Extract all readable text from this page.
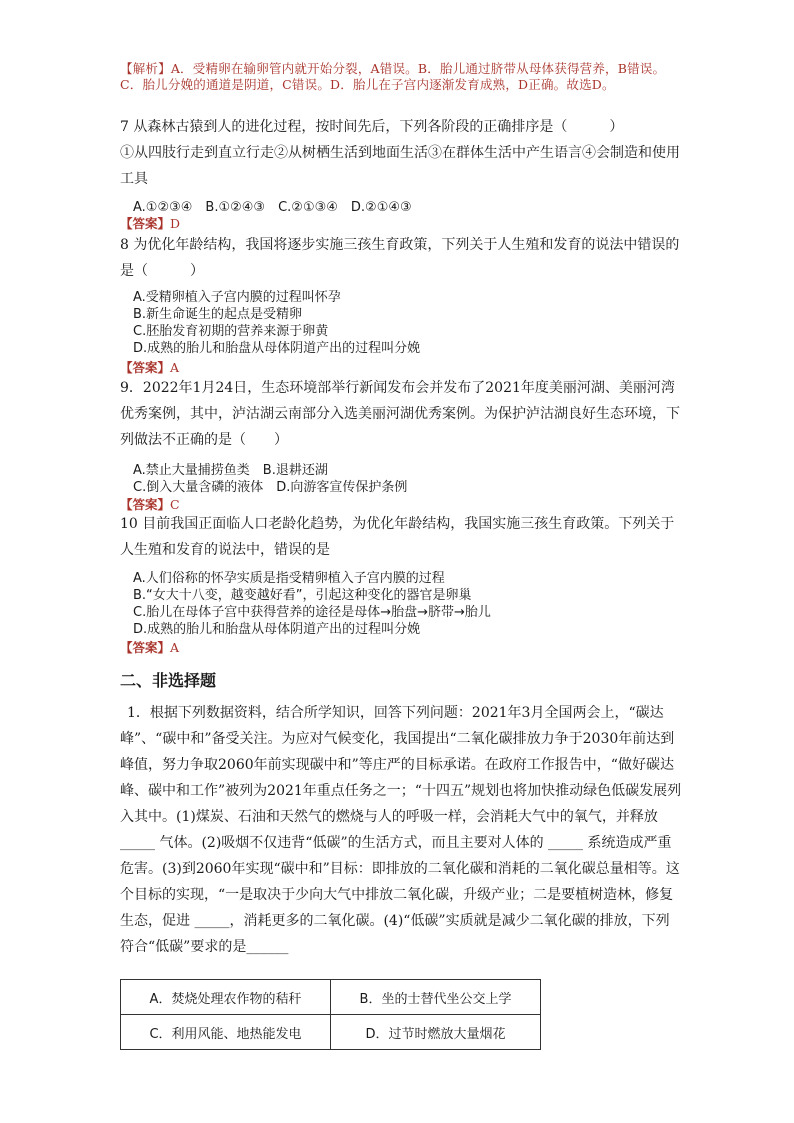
【解析】A．受精卵在输卵管内就开始分裂，A错误。B．胎儿通过脐带从母体获得营养，B错误。C．胎儿分娩的通道是阴道，C错误。D．胎儿在子宫内逐渐发育成熟，D正确。故选D。

7 从森林古猿到人的进化过程，按时间先后，下列各阶段的正确排序是（　　　）

①从四肢行走到直立行走②从树栖生活到地面生活③在群体生活中产生语言④会制造和使用工具

A.①②③④　B.①②④③　C.②①③④　D.②①④③

【答案】D

8 为优化年龄结构，我国将逐步实施三孩生育政策，下列关于人生殖和发育的说法中错误的是（　　　）

A.受精卵植入子宫内膜的过程叫怀孕
B.新生命诞生的起点是受精卵
C.胚胎发育初期的营养来源于卵黄
D.成熟的胎儿和胎盘从母体阴道产出的过程叫分娩

【答案】A

9．2022年1月24日，生态环境部举行新闻发布会并发布了2021年度美丽河湖、美丽河湾优秀案例，其中，泸沽湖云南部分入选美丽河湖优秀案例。为保护泸沽湖良好生态环境，下列做法不正确的是（　　）

A.禁止大量捕捞鱼类　B.退耕还湖
C.倒入大量含磷的液体　D.向游客宣传保护条例

【答案】C

10 目前我国正面临人口老龄化趋势，为优化年龄结构，我国实施三孩生育政策。下列关于人生殖和发育的说法中，错误的是

A.人们俗称的怀孕实质是指受精卵植入子宫内膜的过程
B.“女大十八变，越变越好看”，引起这种变化的器官是卵巢
C.胎儿在母体子宫中获得营养的途径是母体→胎盘→脐带→胎儿
D.成熟的胎儿和胎盘从母体阴道产出的过程叫分娩

【答案】A

二、非选择题

1．根据下列数据资料，结合所学知识，回答下列问题：2021年3月全国两会上，“碳达峰”、“碳中和”备受关注。为应对气候变化，我国提出“二氧化碳排放力争于2030年前达到峰值，努力争取2060年前实现碳中和”等庄严的目标承诺。在政府工作报告中，“做好碳达峰、碳中和工作”被列为2021年重点任务之一；“十四五”规划也将加快推动绿色低碳发展列入其中。(1)煤炭、石油和天然气的燃烧与人的呼吸一样，会消耗大气中的氧气，并释放 _____ 气体。(2)吸烟不仅违背“低碳”的生活方式，而且主要对人体的 _____ 系统造成严重危害。(3)到2060年实现“碳中和”目标：即排放的二氧化碳和消耗的二氧化碳总量相等。这个目标的实现，“一是取决于少向大气中排放二氧化碳，升级产业；二是要植树造林，修复生态，促进 _____，消耗更多的二氧化碳。(4)“低碳”实质就是减少二氧化碳的排放，下列符合“低碳”要求的是______

A．焚烧处理农作物的秸秆	B．坐的士替代坐公交上学
C．利用风能、地热能发电	D．过节时燃放大量烟花
